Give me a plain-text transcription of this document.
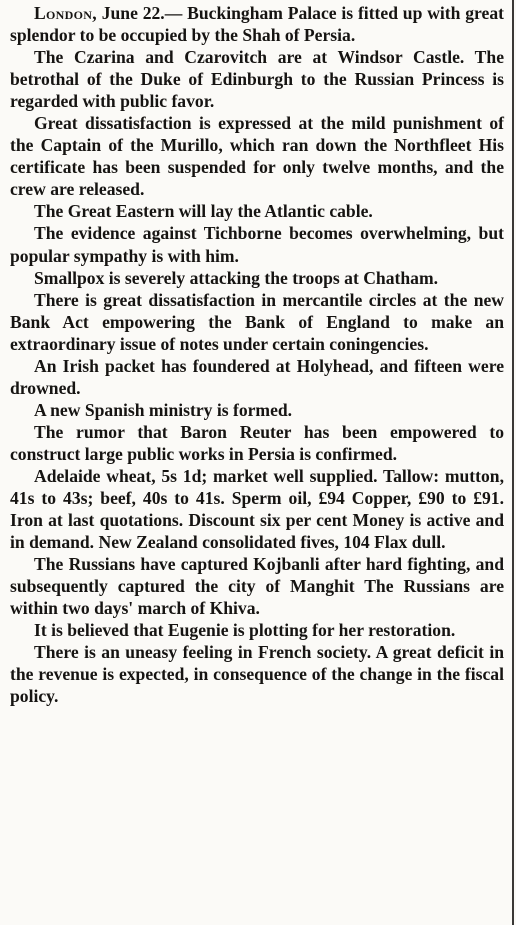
London, June 22.— Buckingham Palace is fitted up with great splendor to be occupied by the Shah of Persia.

The Czarina and Czarovitch are at Windsor Castle. The betrothal of the Duke of Edinburgh to the Russian Princess is regarded with public favor.

Great dissatisfaction is expressed at the mild punishment of the Captain of the Murillo, which ran down the Northfleet His certificate has been suspended for only twelve months, and the crew are released.

The Great Eastern will lay the Atlantic cable.

The evidence against Tichborne becomes overwhelming, but popular sympathy is with him.

Smallpox is severely attacking the troops at Chatham.

There is great dissatisfaction in mercantile circles at the new Bank Act empowering the Bank of England to make an extraordinary issue of notes under certain coningencies.

An Irish packet has foundered at Holyhead, and fifteen were drowned.

A new Spanish ministry is formed.

The rumor that Baron Reuter has been empowered to construct large public works in Persia is confirmed.

Adelaide wheat, 5s 1d; market well supplied. Tallow: mutton, 41s to 43s; beef, 40s to 41s. Sperm oil, £94 Copper, £90 to £91. Iron at last quotations. Discount six per cent Money is active and in demand. New Zealand consolidated fives, 104 Flax dull.

The Russians have captured Kojbanli after hard fighting, and subsequently captured the city of Manghit The Russians are within two days' march of Khiva.

It is believed that Eugenie is plotting for her restoration.

There is an uneasy feeling in French society. A great deficit in the revenue is expected, in consequence of the change in the fiscal policy.
